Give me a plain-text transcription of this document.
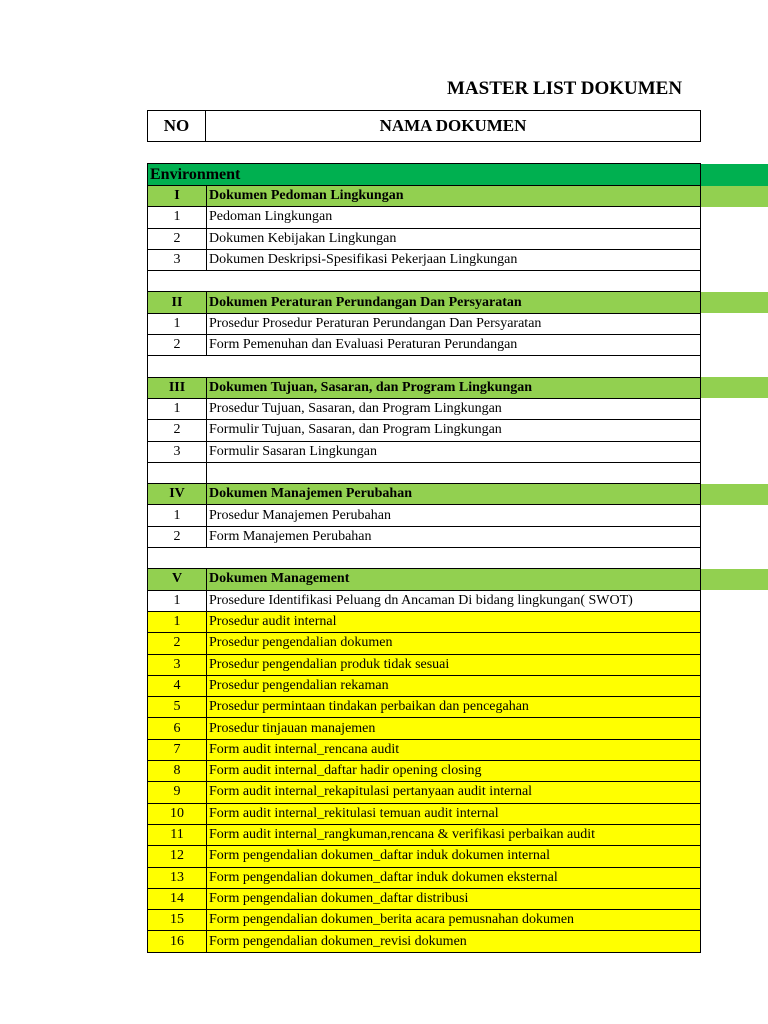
MASTER LIST DOKUMEN
NO	NAMA DOKUMEN
Environment	
I	Dokumen Pedoman Lingkungan
1	Pedoman Lingkungan
2	Dokumen Kebijakan Lingkungan
3	Dokumen Deskripsi-Spesifikasi Pekerjaan Lingkungan

II	Dokumen Peraturan Perundangan Dan Persyaratan
1	Prosedur Prosedur Peraturan Perundangan Dan Persyaratan
2	Form Pemenuhan dan Evaluasi Peraturan Perundangan

III	Dokumen Tujuan, Sasaran, dan Program Lingkungan
1	Prosedur Tujuan, Sasaran, dan Program Lingkungan
2	Formulir Tujuan, Sasaran, dan Program Lingkungan
3	Formulir Sasaran Lingkungan

IV	Dokumen Manajemen Perubahan
1	Prosedur Manajemen Perubahan
2	Form Manajemen Perubahan

V	Dokumen Management
1	Prosedure Identifikasi Peluang dn Ancaman Di bidang lingkungan( SWOT)
1	Prosedur audit internal
2	Prosedur pengendalian dokumen
3	Prosedur pengendalian produk tidak sesuai
4	Prosedur pengendalian rekaman
5	Prosedur permintaan tindakan perbaikan dan pencegahan
6	Prosedur tinjauan manajemen
7	Form audit internal_rencana audit
8	Form audit internal_daftar hadir opening closing
9	Form audit internal_rekapitulasi pertanyaan audit internal
10	Form audit internal_rekitulasi temuan audit internal
11	Form audit internal_rangkuman,rencana & verifikasi perbaikan audit
12	Form pengendalian dokumen_daftar induk dokumen internal
13	Form pengendalian dokumen_daftar induk dokumen eksternal
14	Form pengendalian dokumen_daftar distribusi
15	Form pengendalian dokumen_berita acara pemusnahan dokumen
16	Form pengendalian dokumen_revisi dokumen
